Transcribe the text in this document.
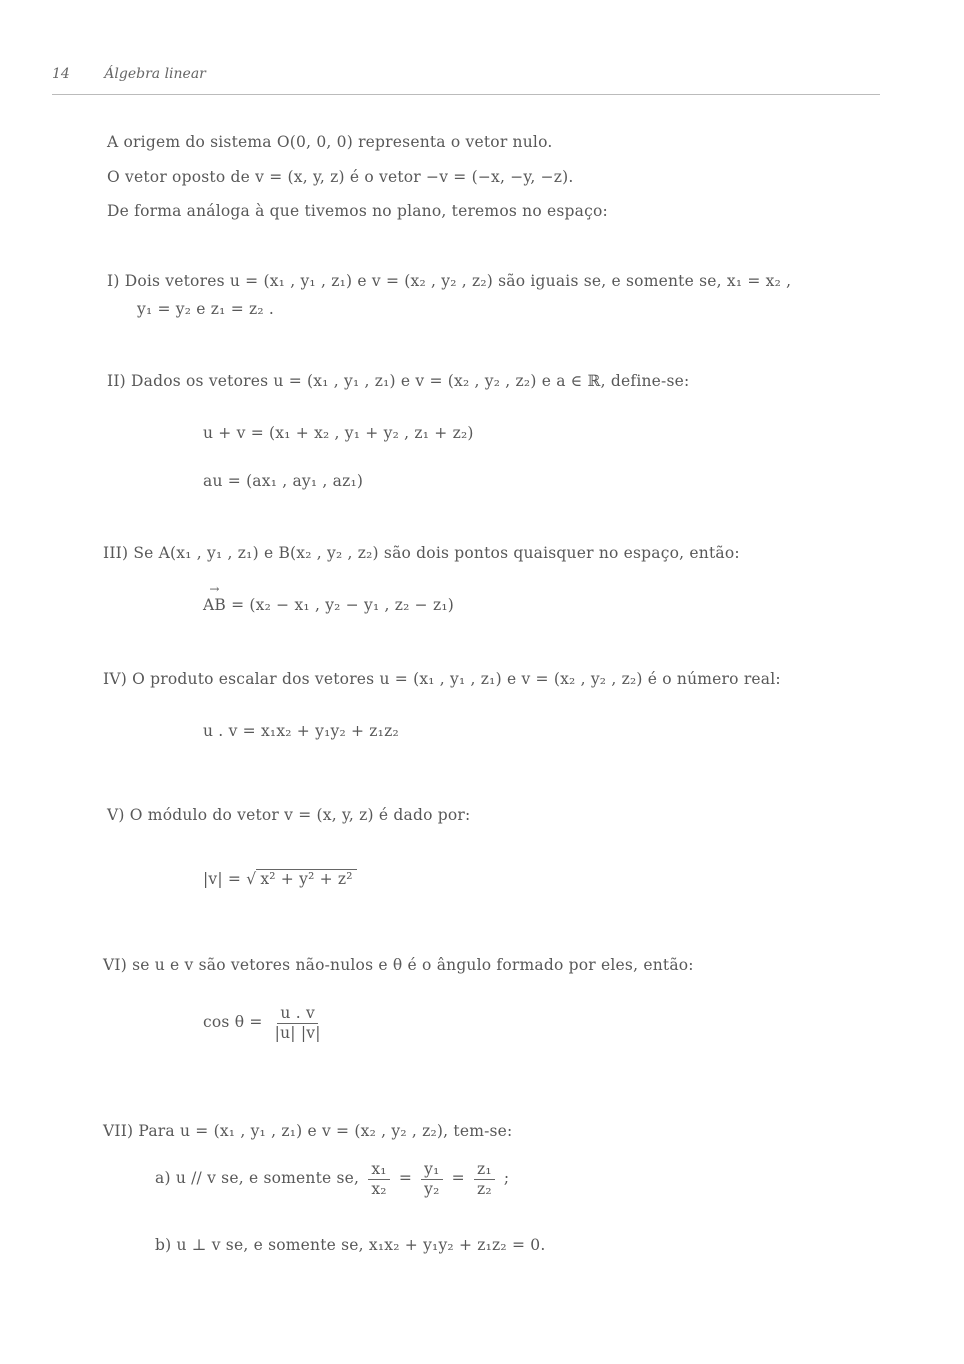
14 Álgebra linear
A origem do sistema O(0, 0, 0) representa o vetor nulo.
O vetor oposto de v = (x, y, z) é o vetor −v = (−x, −y, −z).
De forma análoga à que tivemos no plano, teremos no espaço:
I) Dois vetores u = (x₁ , y₁ , z₁) e v = (x₂ , y₂ , z₂) são iguais se, e somente se, x₁ = x₂ ,
y₁ = y₂ e z₁ = z₂ .
II) Dados os vetores u = (x₁ , y₁ , z₁) e v = (x₂ , y₂ , z₂) e a ∈ ℝ, define-se:
u + v = (x₁ + x₂ , y₁ + y₂ , z₁ + z₂)
au = (ax₁ , ay₁ , az₁)
III) Se A(x₁ , y₁ , z₁) e B(x₂ , y₂ , z₂) são dois pontos quaisquer no espaço, então:
→ AB = (x₂ − x₁ , y₂ − y₁ , z₂ − z₁)
IV) O produto escalar dos vetores u = (x₁ , y₁ , z₁) e v = (x₂ , y₂ , z₂) é o número real:
u . v = x₁x₂ + y₁y₂ + z₁z₂
V) O módulo do vetor v = (x, y, z) é dado por:
|v| = √ x² + y² + z²
VI) se u e v são vetores não-nulos e θ é o ângulo formado por eles, então:
$\cos \theta = \frac{u . v}{|u| |v|}$
VII) Para u = (x₁ , y₁ , z₁) e v = (x₂ , y₂ , z₂), tem-se:
a) u // v se, e somente se, $\frac{\text{x₁}}{\text{x₂}} = \frac{\text{y₁}}{\text{y₂}} = \frac{\text{z₁}}{\text{z₂}}$ ;
b) u ⊥ v se, e somente se, x₁x₂ + y₁y₂ + z₁z₂ = 0.
